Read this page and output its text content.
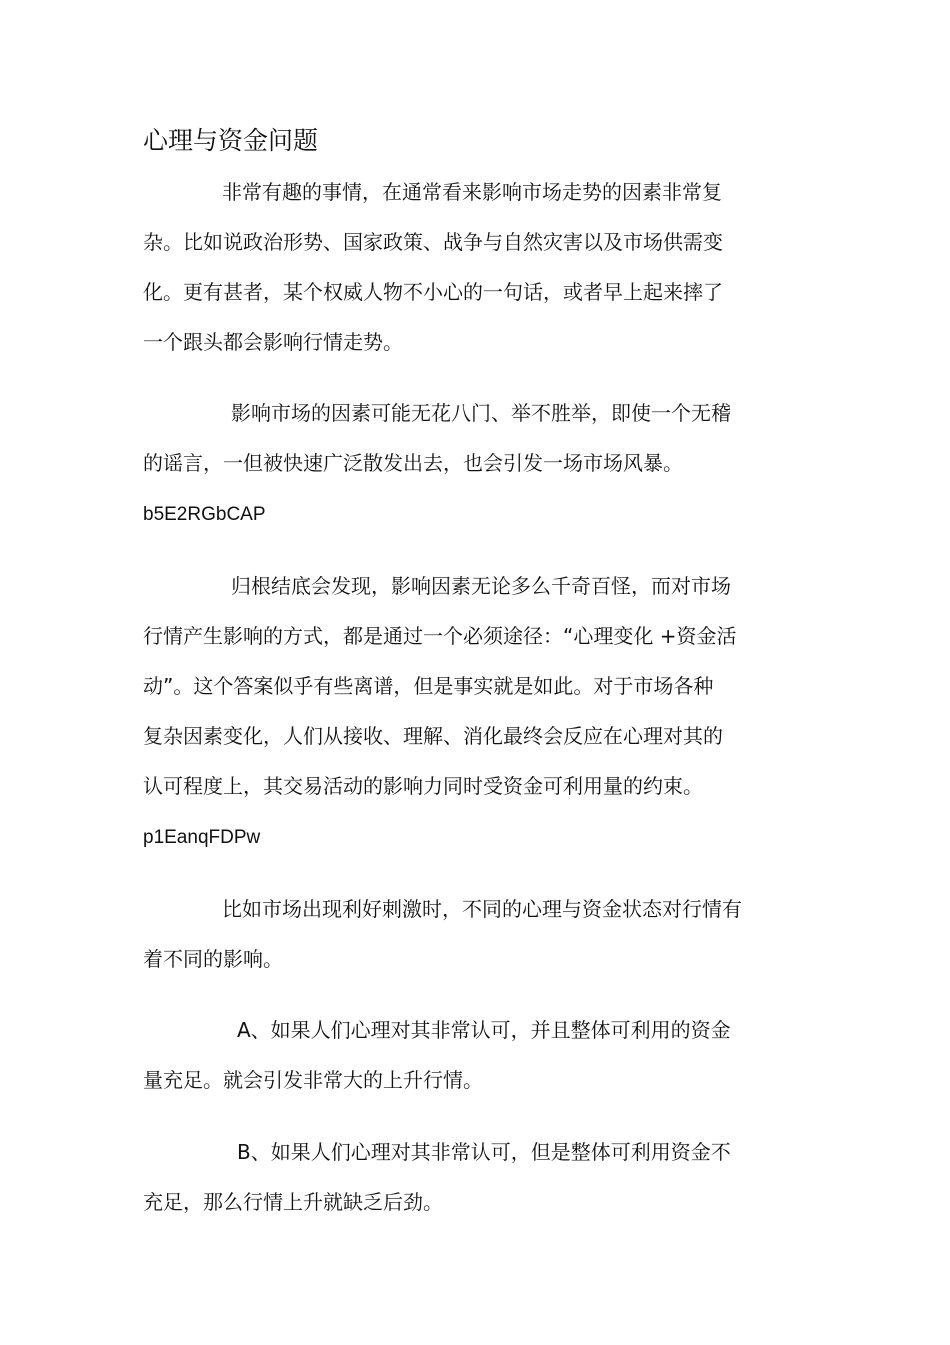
心理与资金问题
非常有趣的事情，在通常看来影响市场走势的因素非常复
杂。比如说政治形势、国家政策、战争与自然灾害以及市场供需变
化。更有甚者，某个权威人物不小心的一句话，或者早上起来摔了
一个跟头都会影响行情走势。
影响市场的因素可能无花八门、举不胜举，即使一个无稽
的谣言，一但被快速广泛散发出去，也会引发一场市场风暴。
b5E2RGbCAP
归根结底会发现，影响因素无论多么千奇百怪，而对市场
行情产生影响的方式，都是通过一个必须途径：“心理变化 +资金活
动”。这个答案似乎有些离谱，但是事实就是如此。对于市场各种
复杂因素变化，人们从接收、理解、消化最终会反应在心理对其的
认可程度上，其交易活动的影响力同时受资金可利用量的约束。
p1EanqFDPw
比如市场出现利好刺激时，不同的心理与资金状态对行情有
着不同的影响。
A、如果人们心理对其非常认可，并且整体可利用的资金
量充足。就会引发非常大的上升行情。
B、如果人们心理对其非常认可，但是整体可利用资金不
充足，那么行情上升就缺乏后劲。
